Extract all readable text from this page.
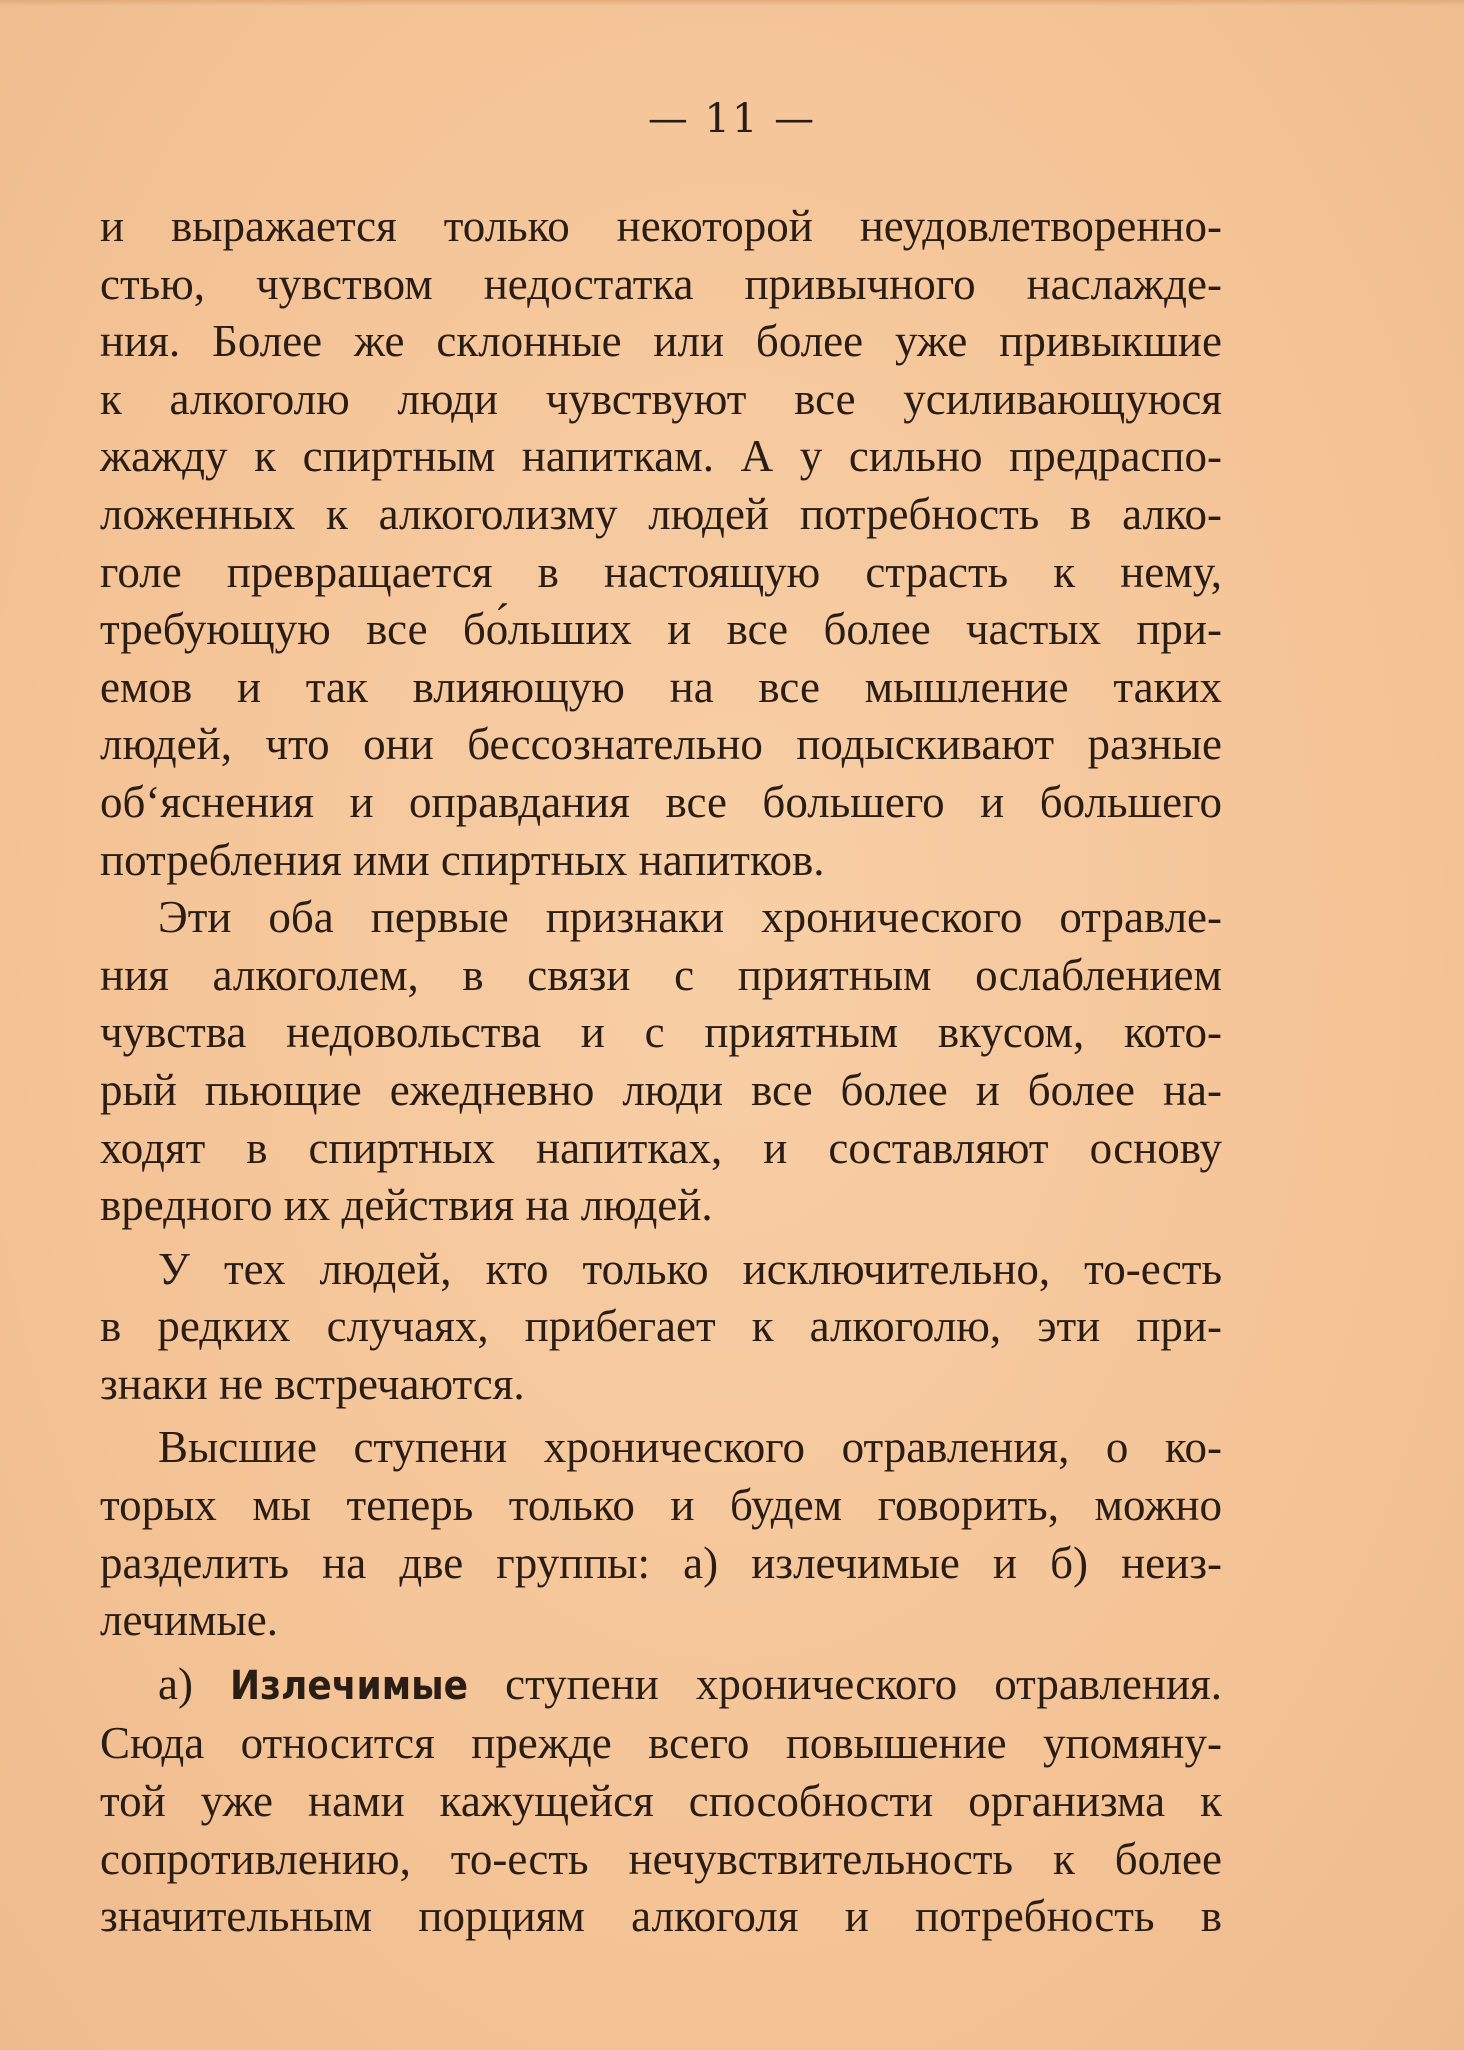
— 11 —
и выражается только некоторой неудовлетворенно-
стью, чувством недостатка привычного наслажде-
ния. Более же склонные или более уже привыкшие
к алкоголю люди чувствуют все усиливающуюся
жажду к спиртным напиткам. А у сильно предраспо-
ложенных к алкоголизму людей потребность в алко-
голе превращается в настоящую страсть к нему,
требующую все бо́льших и все более частых при-
емов и так влияющую на все мышление таких
людей, что они бессознательно подыскивают разные
об‘яснения и оправдания все большего и большего
потребления ими спиртных напитков.
Эти оба первые признаки хронического отравле-
ния алкоголем, в связи с приятным ослаблением
чувства недовольства и с приятным вкусом, кото-
рый пьющие ежедневно люди все более и более на-
ходят в спиртных напитках, и составляют основу
вредного их действия на людей.
У тех людей, кто только исключительно, то-есть
в редких случаях, прибегает к алкоголю, эти при-
знаки не встречаются.
Высшие ступени хронического отравления, о ко-
торых мы теперь только и будем говорить, можно
разделить на две группы: а) излечимые и б) неиз-
лечимые.
а) Излечимые ступени хронического отравления.
Сюда относится прежде всего повышение упомяну-
той уже нами кажущейся способности организма к
сопротивлению, то-есть нечувствительность к более
значительным порциям алкоголя и потребность в
